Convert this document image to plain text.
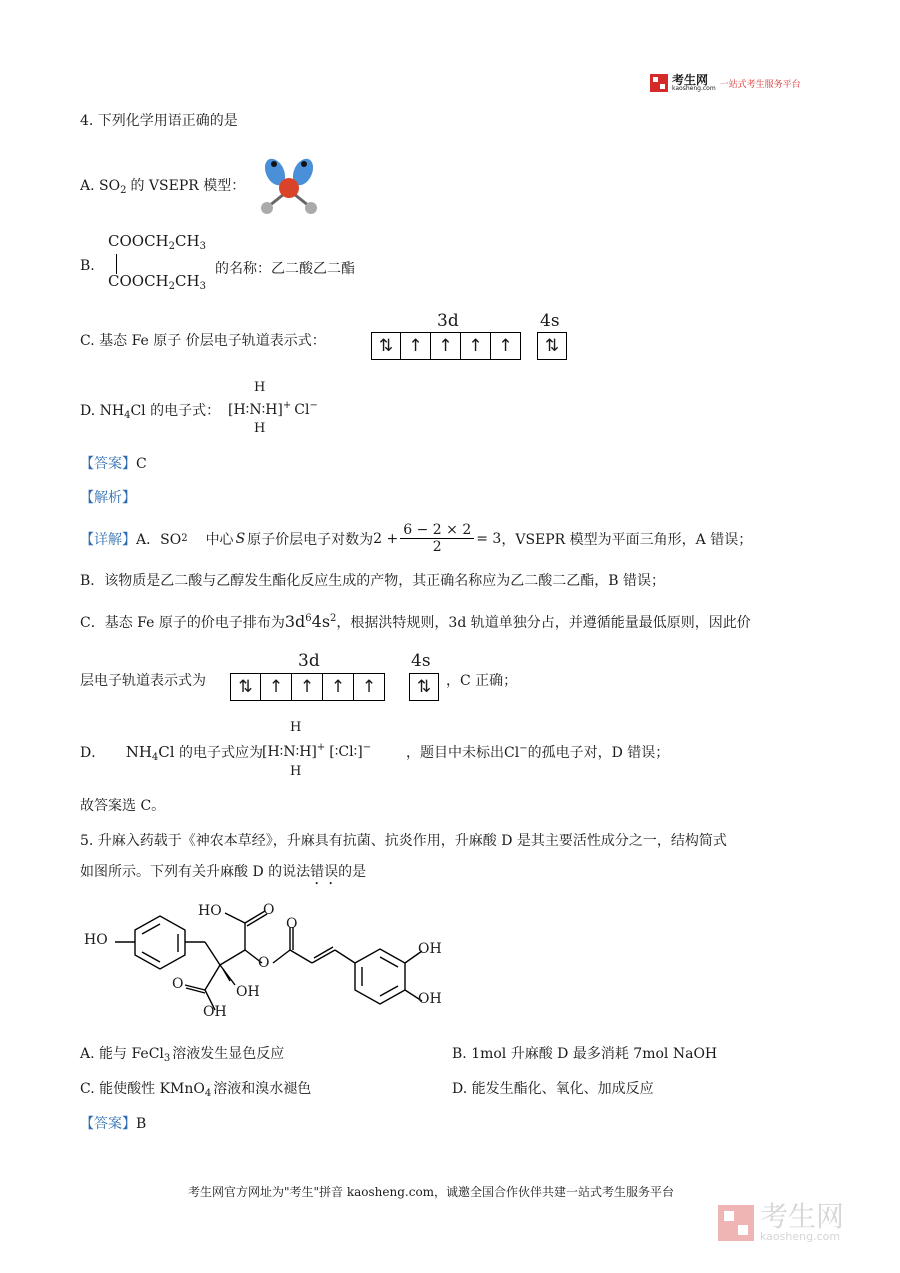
考生网
kaosheng.com 一站式考生服务平台
4. 下列化学用语正确的是
A. $SO_2$ 的 VSEPR 模型：
B.
$COOCH_2CH_3$
$COOCH_2CH_3$
的名称：乙二酸乙二酯
C. 基态 Fe 原子 价层电子轨道表示式：
3d
⇅ ↑ ↑ ↑ ↑
4s
⇅
D. $NH_4Cl$ 的电子式： [H∶N∶H]+ Cl−
H
H
【答案】C
【解析】
【详解】 A．SO 2 中心 S 原子价层电子对数为 $2 + \frac{6 - 2 \times 2}{2} = 3$ ，VSEPR 模型为平面三角形，A 错误；
B．该物质是乙二酸与乙醇发生酯化反应生成的产物，其正确名称应为乙二酸二乙酯，B 错误；
C．基态 Fe 原子的价电子排布为$3d^64s^2$，根据洪特规则，3d 轨道单独分占，并遵循能量最低原则，因此价
层电子轨道表示式为
3d
⇅ ↑ ↑ ↑ ↑
4s
⇅	，C 正确；
D． $NH_4Cl$ 的电子式应为
[H∶N∶H]+ [∶Cl∶]−
H
H
，题目中未标出Cl−的孤电子对，D 错误；
故答案选 C。
5. 升麻入药载于《神农本草经》，升麻具有抗菌、抗炎作用，升麻酸 D 是其主要活性成分之一，结构简式
如图所示。下列有关升麻酸 D 的说法错误的是
HO
HO	O
O
O
OH
OH
O	OH
OH
A. 能与 FeCl$_3$ 溶液发生显色反应	B. 1mol 升麻酸 D 最多消耗 7mol NaOH
C. 能使酸性 KMnO$_4$ 溶液和溴水褪色	D. 能发生酯化、氧化、加成反应
【答案】B
考生网官方网址为"考生"拼音 kaosheng.com，诚邀全国合作伙伴共建一站式考生服务平台
考生网
kaosheng.com
